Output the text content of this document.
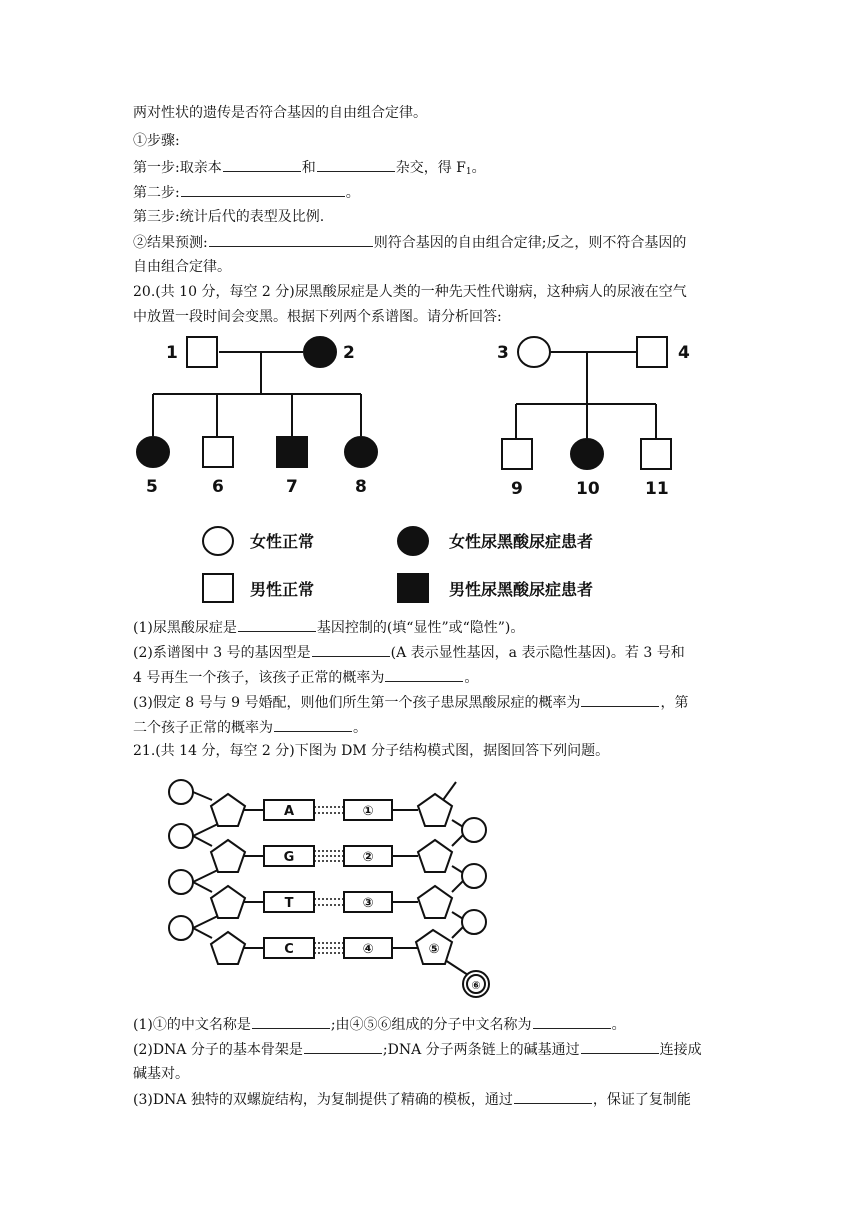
两对性状的遗传是否符合基因的自由组合定律。
①步骤:
第一步:取亲本	和	杂交，得 $F_1$。
第二步:	。
第三步:统计后代的表型及比例.
②结果预测:	则符合基因的自由组合定律;反之，则不符合基因的
自由组合定律。
20.(共 10 分，每空 2 分)尿黑酸尿症是人类的一种先天性代谢病，这种病人的尿液在空气
中放置一段时间会变黑。根据下列两个系谱图。请分析回答:
1	2
5	6	7	8
3	4
9	10	11
女性正常	女性尿黑酸尿症患者
男性正常	男性尿黑酸尿症患者
(1)尿黑酸尿症是	基因控制的(填“显性”或“隐性”)。
(2)系谱图中 3 号的基因型是	(A 表示显性基因，a 表示隐性基因)。若 3 号和
4 号再生一个孩子，该孩子正常的概率为	。
(3)假定 8 号与 9 号婚配，则他们所生第一个孩子患尿黑酸尿症的概率为	，第
二个孩子正常的概率为	。
21.(共 14 分，每空 2 分)下图为 DM 分子结构模式图，据图回答下列问题。
A
G
T
C
①
②
③
④	⑤
⑥
(1)①的中文名称是	;由④⑤⑥组成的分子中文名称为	。
(2)DNA 分子的基本骨架是	;DNA 分子两条链上的碱基通过	连接成
碱基对。
(3)DNA 独特的双螺旋结构，为复制提供了精确的模板，通过	，保证了复制能
